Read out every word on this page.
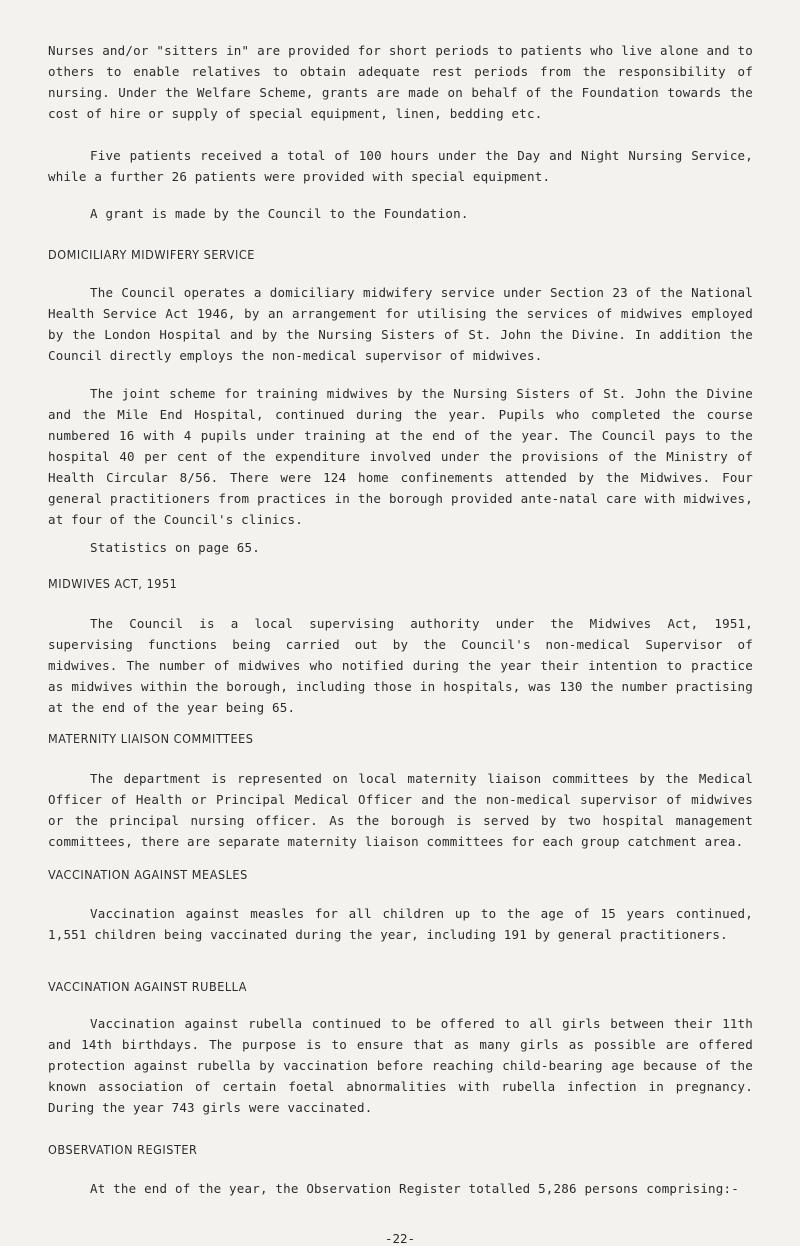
Nurses and/or "sitters in" are provided for short periods to patients who live alone and to others to enable relatives to obtain adequate rest periods from the responsibility of nursing. Under the Welfare Scheme, grants are made on behalf of the Foundation towards the cost of hire or supply of special equipment, linen, bedding etc.

Five patients received a total of 100 hours under the Day and Night Nursing Service, while a further 26 patients were provided with special equipment.

A grant is made by the Council to the Foundation.

DOMICILIARY MIDWIFERY SERVICE

The Council operates a domiciliary midwifery service under Section 23 of the National Health Service Act 1946, by an arrangement for utilising the services of midwives employed by the London Hospital and by the Nursing Sisters of St. John the Divine. In addition the Council directly employs the non-medical supervisor of midwives.

The joint scheme for training midwives by the Nursing Sisters of St. John the Divine and the Mile End Hospital, continued during the year. Pupils who completed the course numbered 16 with 4 pupils under training at the end of the year. The Council pays to the hospital 40 per cent of the expenditure involved under the provisions of the Ministry of Health Circular 8/56. There were 124 home confinements attended by the Midwives. Four general practitioners from practices in the borough provided ante-natal care with midwives, at four of the Council's clinics.

Statistics on page 65.

MIDWIVES ACT, 1951

The Council is a local supervising authority under the Midwives Act, 1951, supervising functions being carried out by the Council's non-medical Supervisor of midwives. The number of midwives who notified during the year their intention to practice as midwives within the borough, including those in hospitals, was 130 the number practising at the end of the year being 65.

MATERNITY LIAISON COMMITTEES

The department is represented on local maternity liaison committees by the Medical Officer of Health or Principal Medical Officer and the non-medical supervisor of midwives or the principal nursing officer. As the borough is served by two hospital management committees, there are separate maternity liaison committees for each group catchment area.

VACCINATION AGAINST MEASLES

Vaccination against measles for all children up to the age of 15 years continued, 1,551 children being vaccinated during the year, including 191 by general practitioners.

VACCINATION AGAINST RUBELLA

Vaccination against rubella continued to be offered to all girls between their 11th and 14th birthdays. The purpose is to ensure that as many girls as possible are offered protection against rubella by vaccination before reaching child-bearing age because of the known association of certain foetal abnormalities with rubella infection in pregnancy. During the year 743 girls were vaccinated.

OBSERVATION REGISTER

At the end of the year, the Observation Register totalled 5,286 persons comprising:-

-22-
